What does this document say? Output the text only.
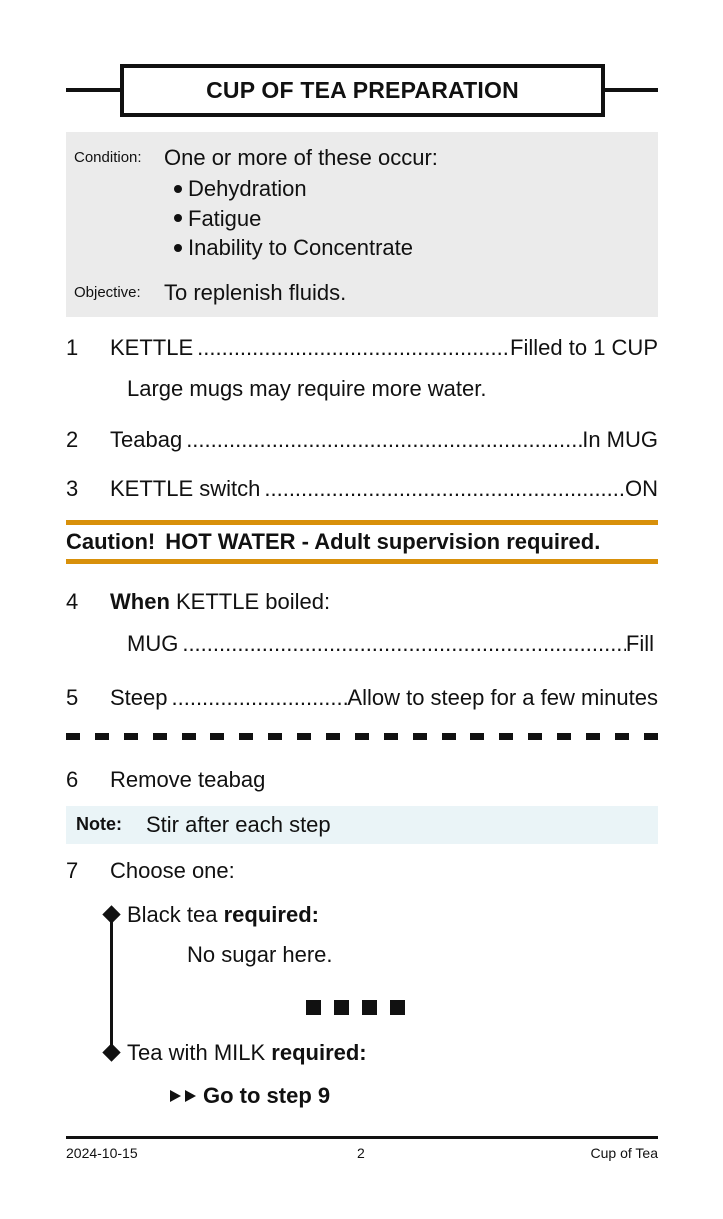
CUP OF TEA PREPARATION
Condition: One or more of these occur:
Dehydration
Fatigue
Inability to Concentrate
Objective: To replenish fluids.
1 KETTLE .....	Filled to 1 CUP
Large mugs may require more water.
2 Teabag .....	In MUG
3 KETTLE switch .....	ON
Caution! HOT WATER - Adult supervision required.
4 When KETTLE boiled:
MUG .....	Fill
5 Steep .....	Allow to steep for a few minutes
6 Remove teabag
Note: Stir after each step
7 Choose one:
Black tea required:
No sugar here.
Tea with MILK required:
Go to step 9
2024-10-15	2	Cup of Tea
